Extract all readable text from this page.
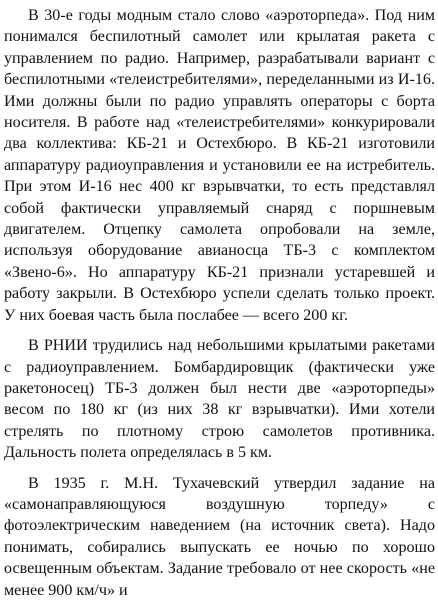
В 30-е годы модным стало слово «аэроторпеда». Под ним понимался беспилотный самолет или крылатая ракета с управлением по радио. Например, разрабатывали вариант с беспилотными «телеистребителями», переделанными из И-16. Ими должны были по радио управлять операторы с борта носителя. В работе над «телеистребителями» конкурировали два коллектива: КБ-21 и Остехбюро. В КБ-21 изготовили аппаратуру радиоуправления и установили ее на истребитель. При этом И-16 нес 400 кг взрывчатки, то есть представлял собой фактически управляемый снаряд с поршневым двигателем. Отцепку самолета опробовали на земле, используя оборудование авианосца ТБ-3 с комплектом «Звено-6». Но аппаратуру КБ-21 признали устаревшей и работу закрыли. В Остехбюро успели сделать только проект. У них боевая часть была послабее — всего 200 кг.

В РНИИ трудились над небольшими крылатыми ракетами с радиоуправлением. Бомбардировщик (фактически уже ракетоносец) ТБ-3 должен был нести две «аэроторпеды» весом по 180 кг (из них 38 кг взрывчатки). Ими хотели стрелять по плотному строю самолетов противника. Дальность полета определялась в 5 км.

В 1935 г. М.Н. Тухачевский утвердил задание на «самонаправляющуюся воздушную торпеду» с фотоэлектрическим наведением (на источник света). Надо понимать, собирались выпускать ее ночью по хорошо освещенным объектам. Задание требовало от нее скорость «не менее 900 км/ч» и
